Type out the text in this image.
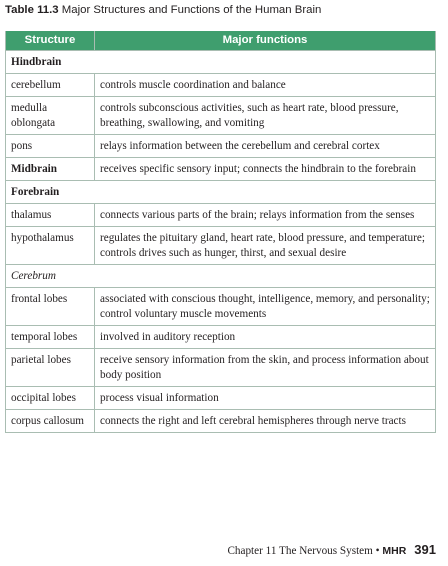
Table 11.3 Major Structures and Functions of the Human Brain
Structure	Major functions
Hindbrain	
cerebellum	controls muscle coordination and balance
medulla oblongata	controls subconscious activities, such as heart rate, blood pressure, breathing, swallowing, and vomiting
pons	relays information between the cerebellum and cerebral cortex
Midbrain	receives specific sensory input; connects the hindbrain to the forebrain
Forebrain	
thalamus	connects various parts of the brain; relays information from the senses
hypothalamus	regulates the pituitary gland, heart rate, blood pressure, and temperature; controls drives such as hunger, thirst, and sexual desire
Cerebrum	
frontal lobes	associated with conscious thought, intelligence, memory, and personality; control voluntary muscle movements
temporal lobes	involved in auditory reception
parietal lobes	receive sensory information from the skin, and process information about body position
occipital lobes	process visual information
corpus callosum	connects the right and left cerebral hemispheres through nerve tracts
Chapter 11 The Nervous System • MHR 391
